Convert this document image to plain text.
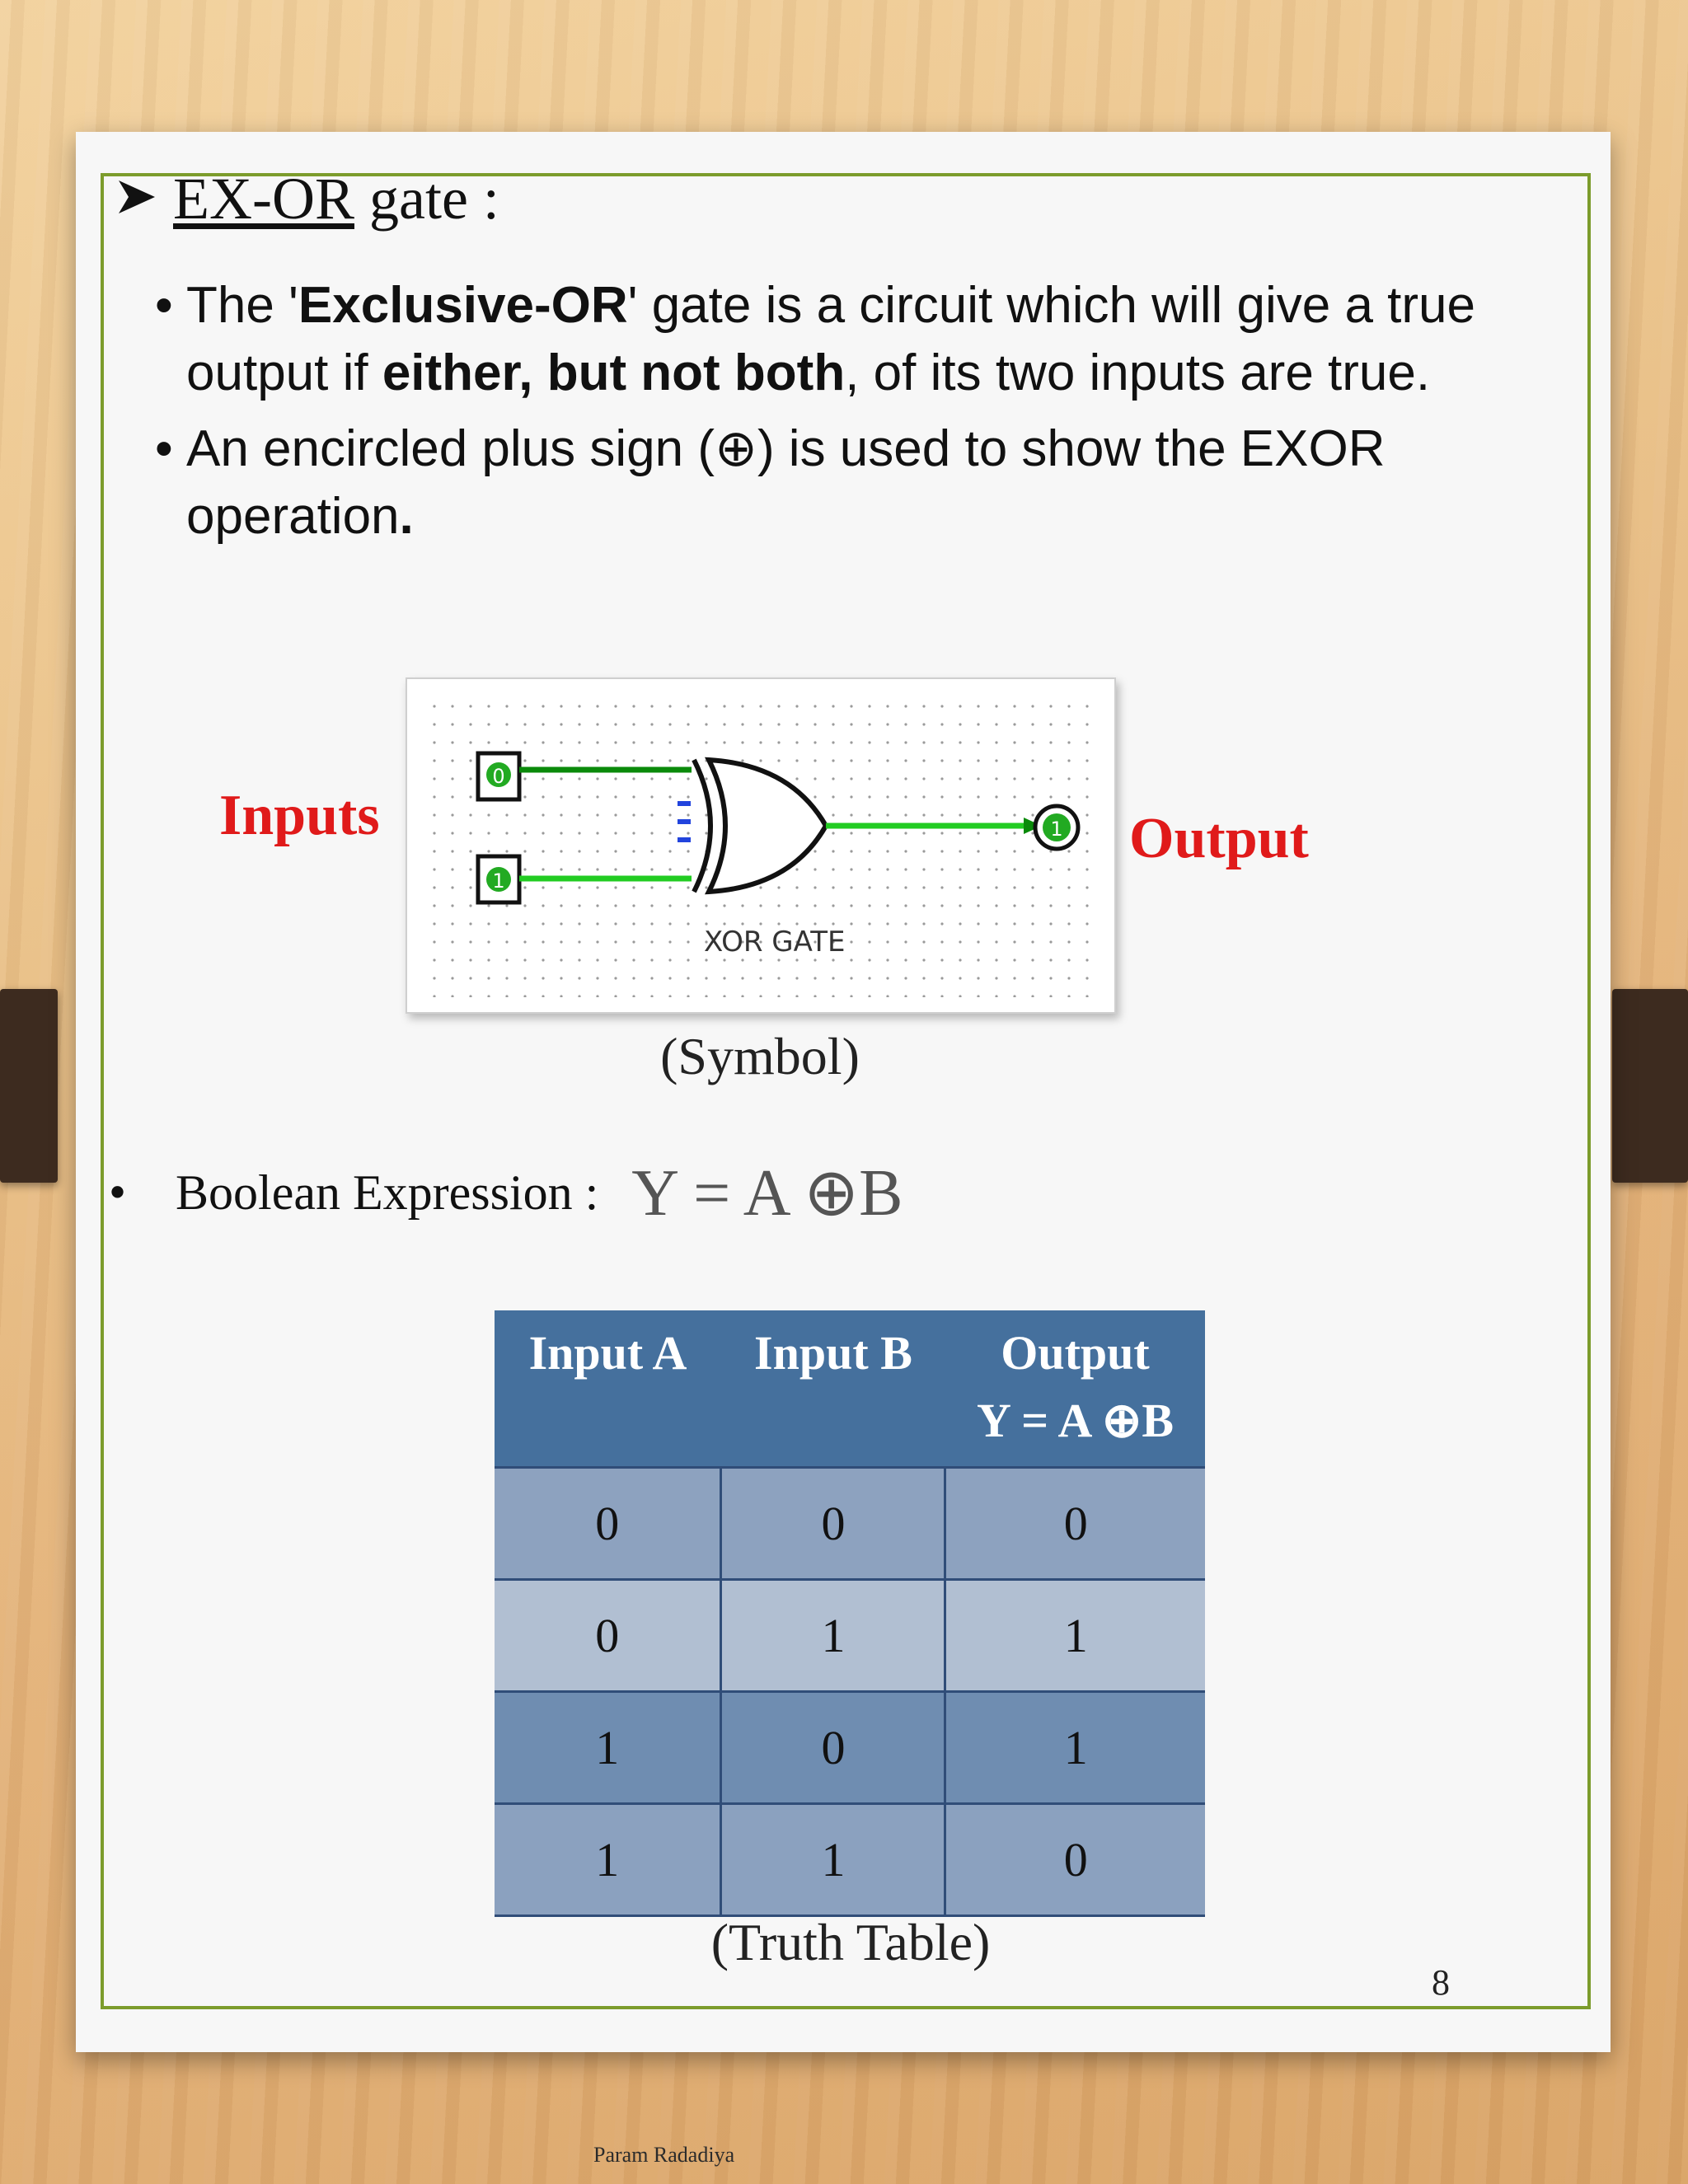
EX-OR gate :
• The 'Exclusive-OR' gate is a circuit which will give a true output if either, but not both, of its two inputs are true.
• An encircled plus sign (⊕) is used to show the EXOR operation.
0
1
1
XOR GATE
Inputs	Output
(Symbol)
• Boolean Expression : Y = A ⊕B
Input A	Input B	Output
Y = A ⊕B

0	0	0
0	1	1
1	0	1
1	1	0
(Truth Table)
8
Param Radadiya
